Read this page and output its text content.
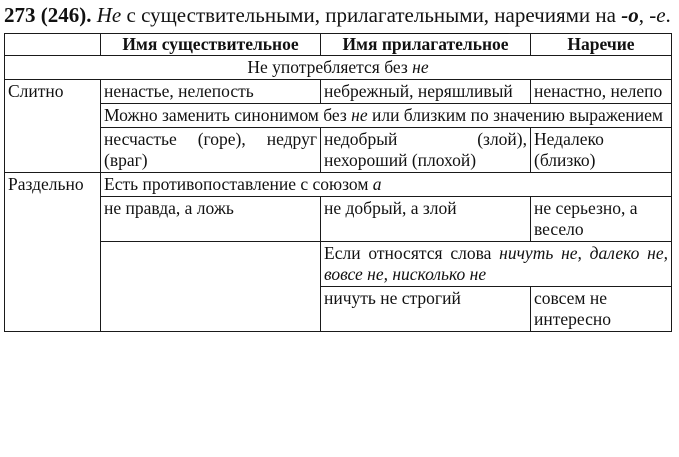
273 (246). Не с существительными, прилагательными, наречиями на -о, -е.

	Имя существительное	Имя прилагательное	Наречие
Не употребляется без не			
Слитно	ненастье, нелепость	небрежный, неряшливый	ненастно, нелепо
	Можно заменить синонимом без не или близким по значению выражением		
	несчастье (горе), недруг (враг)	недобрый (злой), нехороший (плохой)	Недалеко (близко)
Раздельно	Есть противопоставление с союзом а		
	не правда, а ложь	не добрый, а злой	не серьезно, а весело
		Если относятся слова ничуть не, далеко не, вовсе не, нисколько не	
		ничуть не строгий	совсем не интересно
